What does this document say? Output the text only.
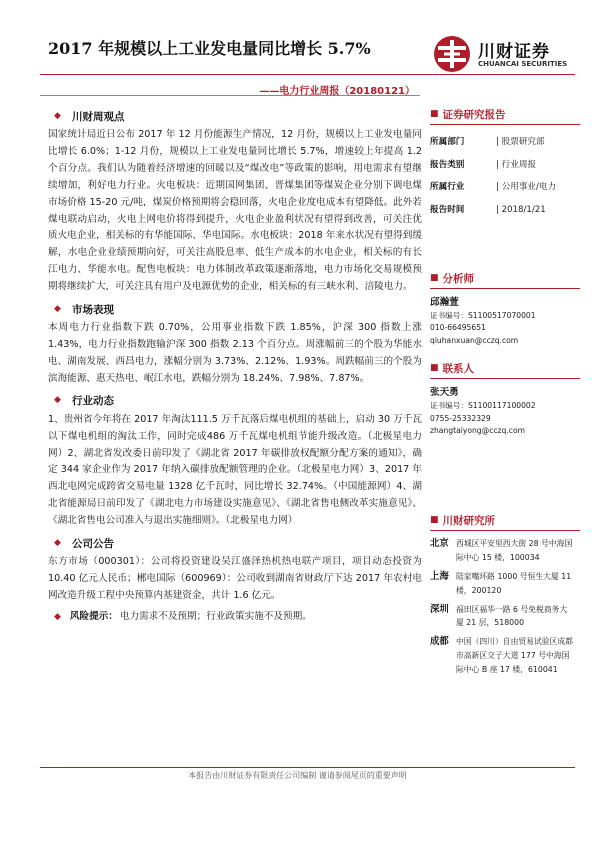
2017 年规模以上工业发电量同比增长 5.7%	川财证券
CHUANCAI SECURITIES
——电力行业周报（20180121）
◆ 川财周观点
国家统计局近日公布 2017 年 12 月份能源生产情况，12 月份，规模以上工业发电量同比增长 6.0%；1-12 月份，规模以上工业发电量同比增长 5.7%，增速较上年提高 1.2 个百分点。我们认为随着经济增速的回暖以及“煤改电”等政策的影响，用电需求有望继续增加，利好电力行业。火电板块：近期国网集团、晋煤集团等煤炭企业分别下调电煤市场价格 15-20 元/吨，煤炭价格预期将会稳回落，火电企业度电成本有望降低。此外若煤电联动启动，火电上网电价将得到提升，火电企业盈利状况有望得到改善，可关注优质火电企业，相关标的有华能国际、华电国际。水电板块：2018 年来水状况有望得到缓解，水电企业业绩预期向好，可关注高股息率、低生产成本的水电企业，相关标的有长江电力、华能水电。配售电板块：电力体制改革政策逐渐落地，电力市场化交易规模预期将继续扩大，可关注具有用户及电源优势的企业，相关标的有三峡水利、涪陵电力。
◆ 市场表现
本周电力行业指数下跌 0.70%，公用事业指数下跌 1.85%，沪深 300 指数上涨 1.43%，电力行业指数跑输沪深 300 指数 2.13 个百分点。周涨幅前三的个股为华能水电、湖南发展、西昌电力，涨幅分别为 3.73%、2.12%、1.93%。周跌幅前三的个股为滨海能源、惠天热电、岷江水电，跌幅分别为 18.24%、7.98%、7.87%。
◆ 行业动态
1、贵州省今年将在 2017 年淘汰111.5 万千瓦落后煤电机组的基础上，启动 30 万千瓦以下煤电机组的淘汰工作，同时完成486 万千瓦煤电机组节能升级改造。（北极星电力网）2、湖北省发改委日前印发了《湖北省 2017 年碳排放权配额分配方案的通知》，确定 344 家企业作为 2017 年纳入碳排放配额管理的企业。（北极星电力网）3、2017 年西北电网完成跨省交易电量 1328 亿千瓦时，同比增长 32.74%。（中国能源网）4、湖北省能源局日前印发了《湖北电力市场建设实施意见》、《湖北省售电侧改革实施意见》、《湖北省售电公司准入与退出实施细则》。（北极星电力网）
◆ 公司公告
东方市场（000301）：公司将投资建设吴江盛泽热机热电联产项目，项目动态投资为 10.40 亿元人民币；郴电国际（600969）：公司收到湖南省财政厅下达 2017 年农村电网改造升级工程中央预算内基建资金，共计 1.6 亿元。
◆ 风险提示： 电力需求不及预期；行业政策实施不及预期。
■ 证券研究报告
所属部门	| 股票研究部
报告类别	| 行业周报
所属行业	| 公用事业/电力
报告时间	| 2018/1/21
■ 分析师
邱瀚萱
证书编号：S1100517070001
010-66495651
qiuhanxuan@cczq.com
■ 联系人
张天勇
证书编号：S1100117100002
0755-25332329
zhangtaiyong@cczq.com
■ 川财研究所
北京 西城区平安里西大街 28 号中海国际中心 15 楼，100034
上海 陆家嘴环路 1000 号恒生大厦 11 楼，200120
深圳 福田区福华一路 6 号免税商务大厦 21 层，518000
成都 中国（四川）自由贸易试验区成都市高新区交子大道 177 号中海国际中心 B 座 17 楼，610041
本报告由川财证券有限责任公司编制 谨请参阅尾页的重要声明
